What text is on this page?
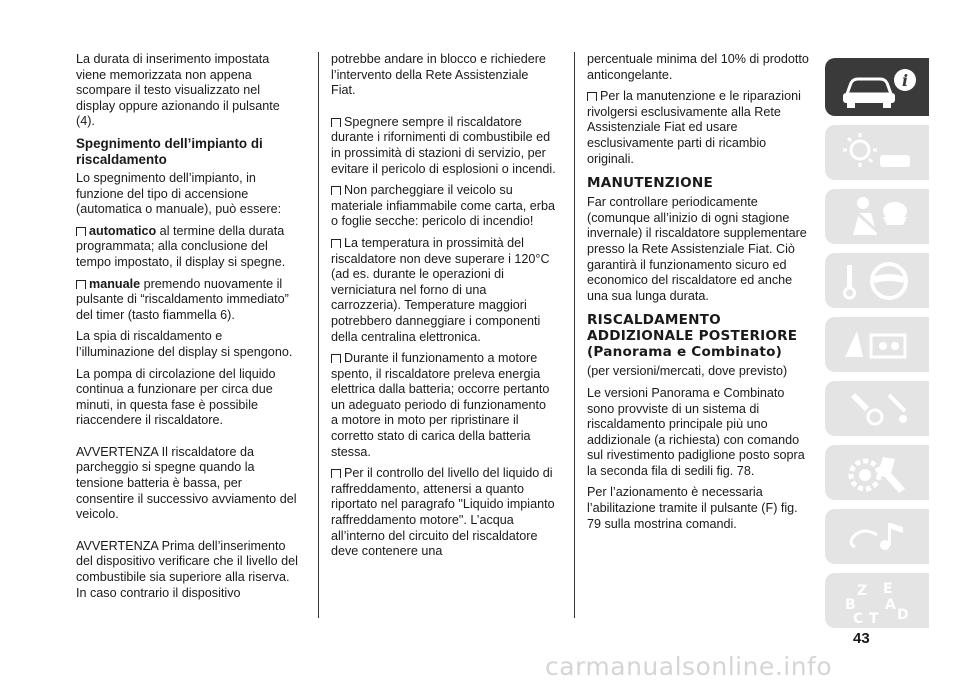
La durata di inserimento impostata viene memorizzata non appena scompare il testo visualizzato nel display oppure azionando il pulsante (4).

Spegnimento dell’impianto di riscaldamento

Lo spegnimento dell’impianto, in funzione del tipo di accensione (automatica o manuale), può essere:

automatico al termine della durata programmata; alla conclusione del tempo impostato, il display si spegne.

manuale premendo nuovamente il pulsante di “riscaldamento immediato” del timer (tasto fiammella 6).

La spia di riscaldamento e l’illuminazione del display si spengono.

La pompa di circolazione del liquido continua a funzionare per circa due minuti, in questa fase è possibile riaccendere il riscaldatore.

AVVERTENZA Il riscaldatore da parcheggio si spegne quando la tensione batteria è bassa, per consentire il successivo avviamento del veicolo.

AVVERTENZA Prima dell’inserimento del dispositivo verificare che il livello del combustibile sia superiore alla riserva. In caso contrario il dispositivo

potrebbe andare in blocco e richiedere l’intervento della Rete Assistenziale Fiat.

Spegnere sempre il riscaldatore durante i rifornimenti di combustibile ed in prossimità di stazioni di servizio, per evitare il pericolo di esplosioni o incendi.

Non parcheggiare il veicolo su materiale infiammabile come carta, erba o foglie secche: pericolo di incendio!

La temperatura in prossimità del riscaldatore non deve superare i 120°C (ad es. durante le operazioni di verniciatura nel forno di una carrozzeria). Temperature maggiori potrebbero danneggiare i componenti della centralina elettronica.

Durante il funzionamento a motore spento, il riscaldatore preleva energia elettrica dalla batteria; occorre pertanto un adeguato periodo di funzionamento a motore in moto per ripristinare il corretto stato di carica della batteria stessa.

Per il controllo del livello del liquido di raffreddamento, attenersi a quanto riportato nel paragrafo "Liquido impianto raffreddamento motore". L’acqua all’interno del circuito del riscaldatore deve contenere una

percentuale minima del 10% di prodotto anticongelante.

Per la manutenzione e le riparazioni rivolgersi esclusivamente alla Rete Assistenziale Fiat ed usare esclusivamente parti di ricambio originali.

MANUTENZIONE

Far controllare periodicamente (comunque all’inizio di ogni stagione invernale) il riscaldatore supplementare presso la Rete Assistenziale Fiat. Ciò garantirà il funzionamento sicuro ed economico del riscaldatore ed anche una sua lunga durata.

RISCALDAMENTO ADDIZIONALE POSTERIORE (Panorama e Combinato)

(per versioni/mercati, dove previsto)

Le versioni Panorama e Combinato sono provviste di un sistema di riscaldamento principale più uno addizionale (a richiesta) con comando sul rivestimento padiglione posto sopra la seconda fila di sedili fig. 78.

Per l’azionamento è necessaria l’abilitazione tramite il pulsante (F) fig. 79 sulla mostrina comandi.

i
Z E
B A
C T D
43
carmanualsonline.info
